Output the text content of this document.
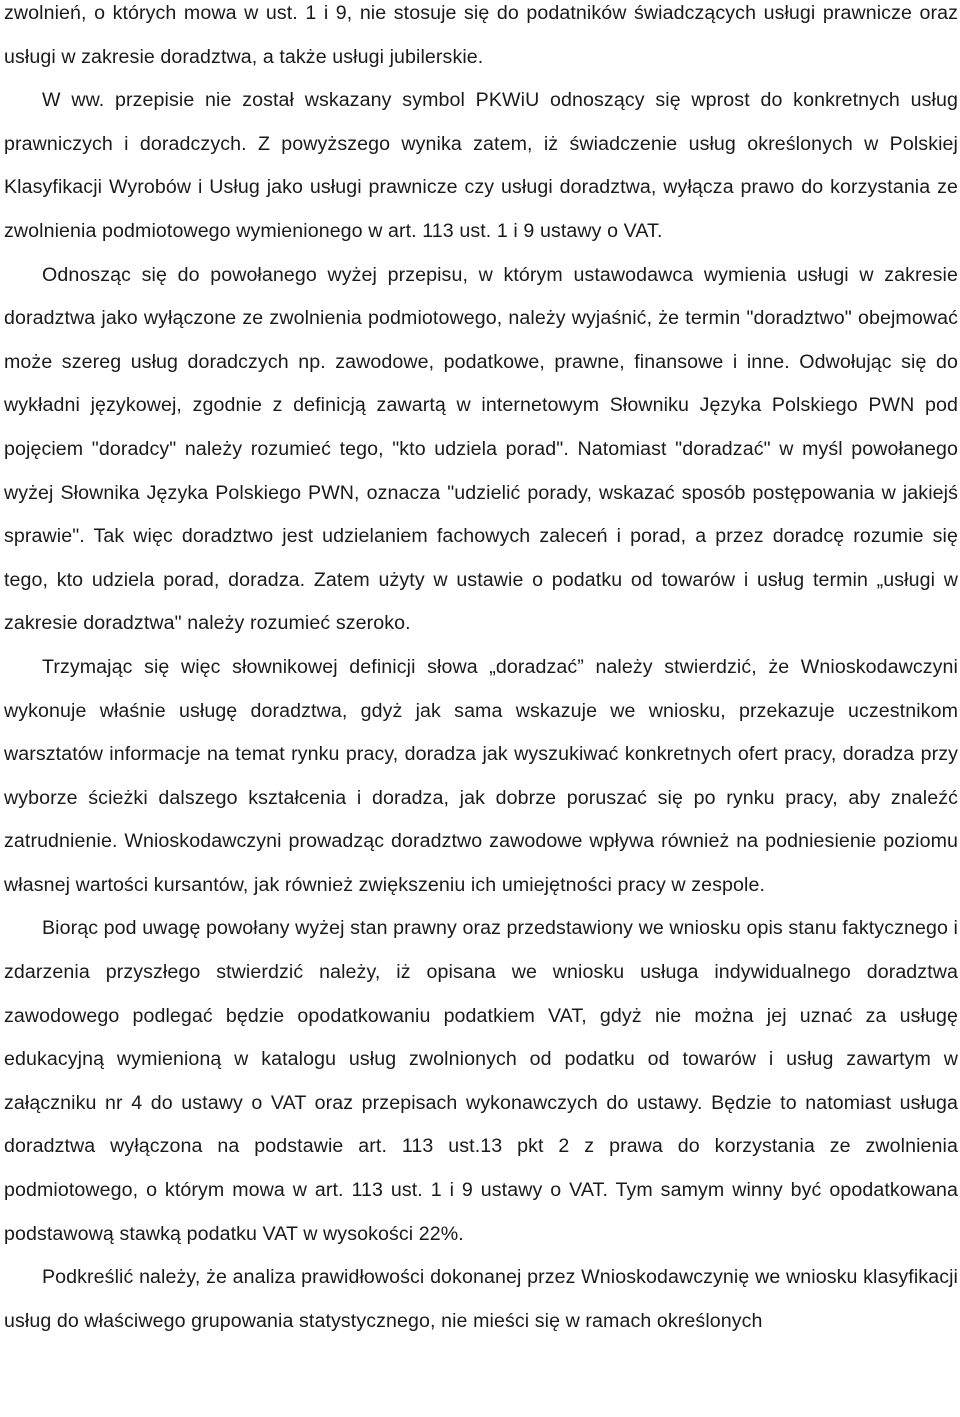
zwolnień, o których mowa w ust. 1 i 9, nie stosuje się do podatników świadczących usługi prawnicze oraz usługi w zakresie doradztwa, a także usługi jubilerskie.

W ww. przepisie nie został wskazany symbol PKWiU odnoszący się wprost do konkretnych usług prawniczych i doradczych. Z powyższego wynika zatem, iż świadczenie usług określonych w Polskiej Klasyfikacji Wyrobów i Usług jako usługi prawnicze czy usługi doradztwa, wyłącza prawo do korzystania ze zwolnienia podmiotowego wymienionego w art. 113 ust. 1 i 9 ustawy o VAT.

Odnosząc się do powołanego wyżej przepisu, w którym ustawodawca wymienia usługi w zakresie doradztwa jako wyłączone ze zwolnienia podmiotowego, należy wyjaśnić, że termin "doradztwo" obejmować może szereg usług doradczych np. zawodowe, podatkowe, prawne, finansowe i inne. Odwołując się do wykładni językowej, zgodnie z definicją zawartą w internetowym Słowniku Języka Polskiego PWN pod pojęciem "doradcy" należy rozumieć tego, "kto udziela porad". Natomiast "doradzać" w myśl powołanego wyżej Słownika Języka Polskiego PWN, oznacza "udzielić porady, wskazać sposób postępowania w jakiejś sprawie". Tak więc doradztwo jest udzielaniem fachowych zaleceń i porad, a przez doradcę rozumie się tego, kto udziela porad, doradza. Zatem użyty w ustawie o podatku od towarów i usług termin „usługi w zakresie doradztwa" należy rozumieć szeroko.

Trzymając się więc słownikowej definicji słowa „doradzać” należy stwierdzić, że Wnioskodawczyni wykonuje właśnie usługę doradztwa, gdyż jak sama wskazuje we wniosku, przekazuje uczestnikom warsztatów informacje na temat rynku pracy, doradza jak wyszukiwać konkretnych ofert pracy, doradza przy wyborze ścieżki dalszego kształcenia i doradza, jak dobrze poruszać się po rynku pracy, aby znaleźć zatrudnienie. Wnioskodawczyni prowadząc doradztwo zawodowe wpływa również na podniesienie poziomu własnej wartości kursantów, jak również zwiększeniu ich umiejętności pracy w zespole.

Biorąc pod uwagę powołany wyżej stan prawny oraz przedstawiony we wniosku opis stanu faktycznego i zdarzenia przyszłego stwierdzić należy, iż opisana we wniosku usługa indywidualnego doradztwa zawodowego podlegać będzie opodatkowaniu podatkiem VAT, gdyż nie można jej uznać za usługę edukacyjną wymienioną w katalogu usług zwolnionych od podatku od towarów i usług zawartym w załączniku nr 4 do ustawy o VAT oraz przepisach wykonawczych do ustawy. Będzie to natomiast usługa doradztwa wyłączona na podstawie art. 113 ust.13 pkt 2 z prawa do korzystania ze zwolnienia podmiotowego, o którym mowa w art. 113 ust. 1 i 9 ustawy o VAT. Tym samym winny być opodatkowana podstawową stawką podatku VAT w wysokości 22%.

Podkreślić należy, że analiza prawidłowości dokonanej przez Wnioskodawczynię we wniosku klasyfikacji usług do właściwego grupowania statystycznego, nie mieści się w ramach określonych
